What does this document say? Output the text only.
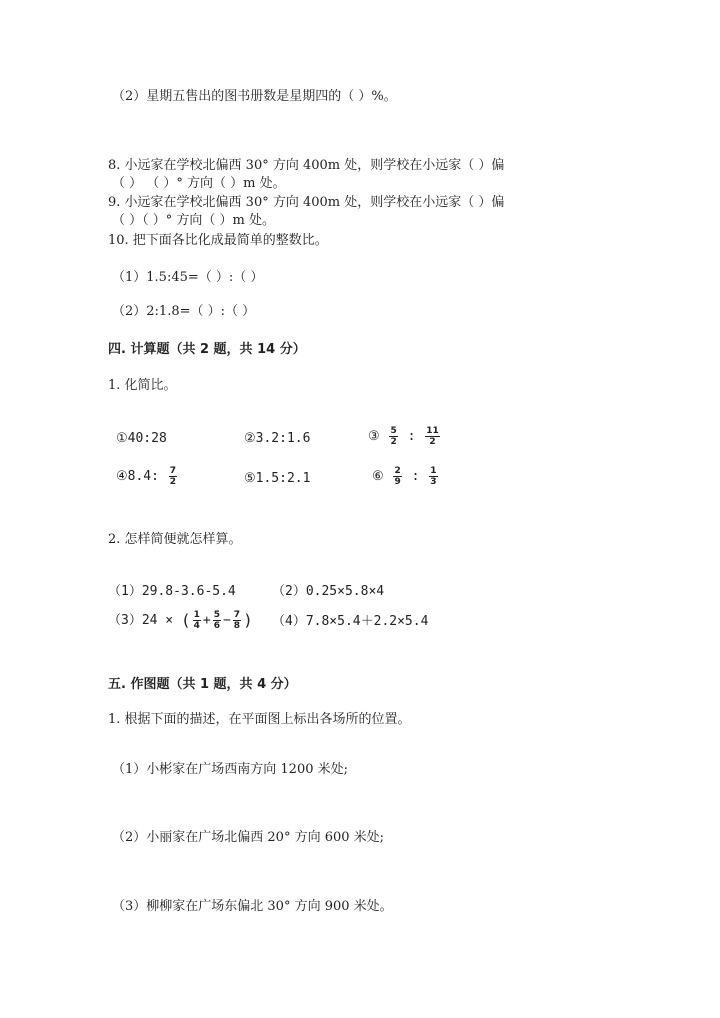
（2）星期五售出的图书册数是星期四的（ ）%。
8. 小远家在学校北偏西 30° 方向 400m 处，则学校在小远家（ ）偏
（ ） （ ）° 方向（ ）m 处。
9. 小远家在学校北偏西 30° 方向 400m 处，则学校在小远家（ ）偏
（ ）（ ）° 方向（ ）m 处。
10. 把下面各比化成最简单的整数比。
（1）1.5:45=（ ）:（ ）
（2）2:1.8=（ ）:（ ）
四. 计算题（共 2 题，共 14 分）
1. 化简比。
①40:28	②3.2:1.6	③ $\frac{5}{2}$ : $\frac{11}{2}$
④8.4: $\frac{7}{2}$	⑤1.5:2.1	⑥ $\frac{2}{9}$ : $\frac{1}{3}$
2. 怎样简便就怎样算。
（1）29.8-3.6-5.4	（2）0.25×5.8×4
（3）24 × ( $\frac{1}{4} + \frac{5}{6} - \frac{7}{8}$ ) （4）7.8×5.4＋2.2×5.4
五. 作图题（共 1 题，共 4 分）
1. 根据下面的描述，在平面图上标出各场所的位置。
（1）小彬家在广场西南方向 1200 米处;
（2）小丽家在广场北偏西 20° 方向 600 米处;
（3）柳柳家在广场东偏北 30° 方向 900 米处。
